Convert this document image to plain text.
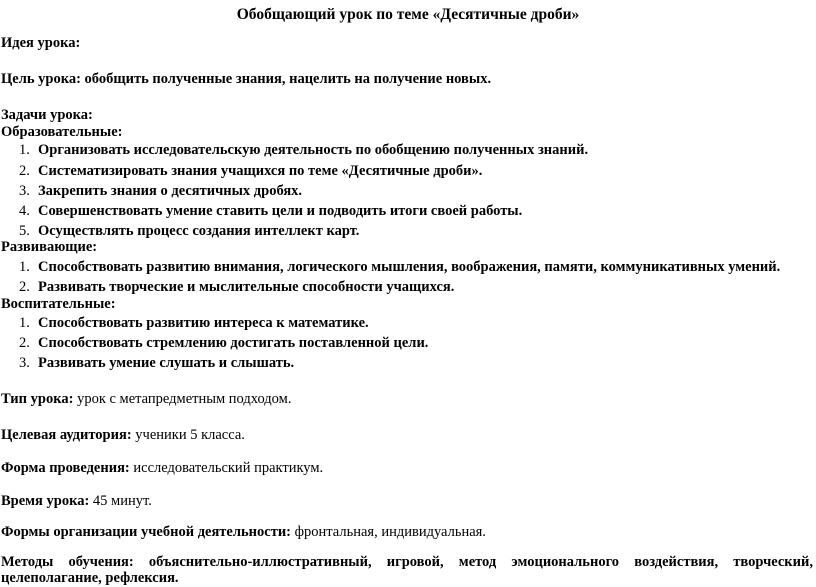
Обобщающий урок по теме «Десятичные дроби»
Идея урока:
Цель урока: обобщить полученные знания, нацелить на получение новых.
Задачи урока:
Образовательные:
1. Организовать исследовательскую деятельность по обобщению полученных знаний.
2. Систематизировать знания учащихся по теме «Десятичные дроби».
3. Закрепить знания о десятичных дробях.
4. Совершенствовать умение ставить цели и подводить итоги своей работы.
5. Осуществлять процесс создания интеллект карт.
Развивающие:
1. Способствовать развитию внимания, логического мышления, воображения, памяти, коммуникативных умений.
2. Развивать творческие и мыслительные способности учащихся.
Воспитательные:
1. Способствовать развитию интереса к математике.
2. Способствовать стремлению достигать поставленной цели.
3. Развивать умение слушать и слышать.
Тип урока: урок с метапредметным подходом.
Целевая аудитория: ученики 5 класса.
Форма проведения: исследовательский практикум.
Время урока: 45 минут.
Формы организации учебной деятельности: фронтальная, индивидуальная.
Методы обучения: объяснительно-иллюстративный, игровой, метод эмоционального воздействия, творческий,
целеполагание, рефлексия.
